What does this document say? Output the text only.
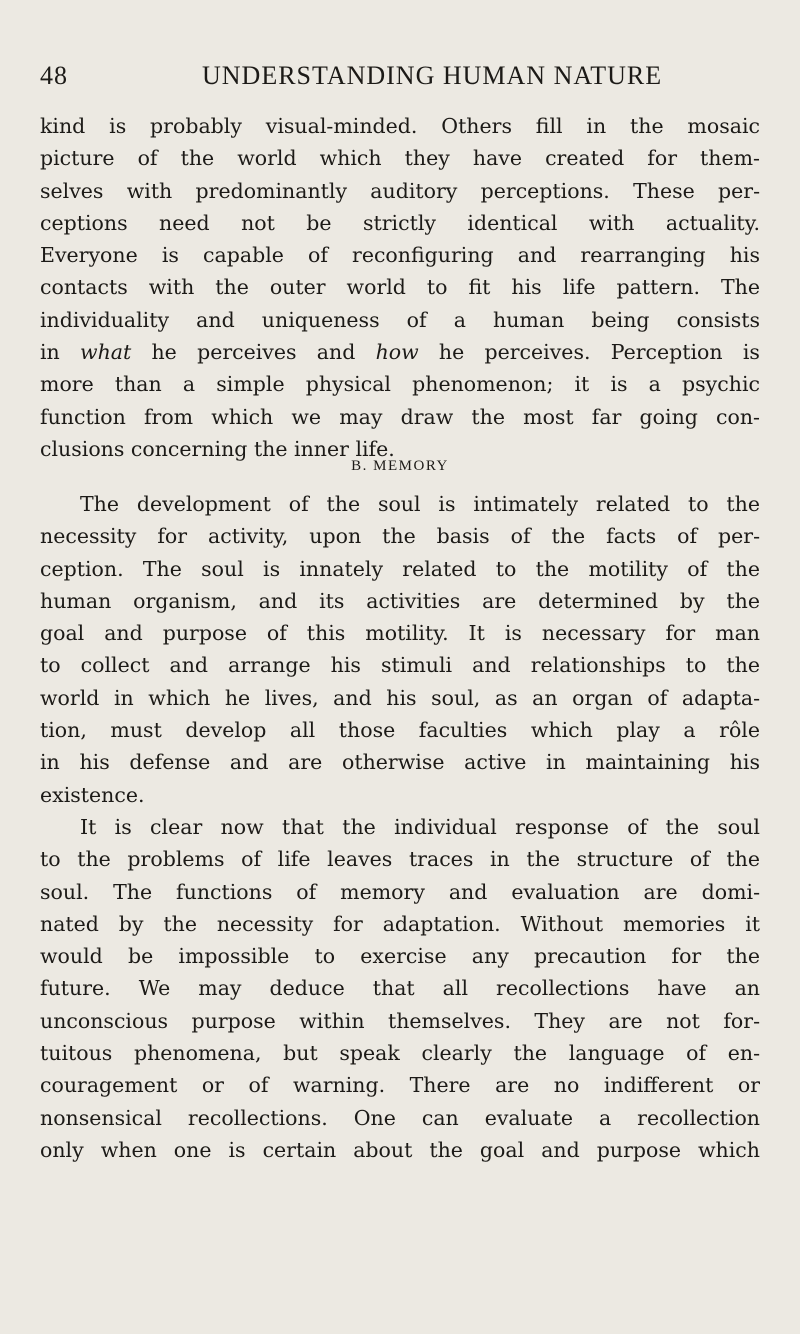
48	UNDERSTANDING HUMAN NATURE
kind is probably visual-minded. Others fill in the mosaic
picture of the world which they have created for them-
selves with predominantly auditory perceptions. These per-
ceptions need not be strictly identical with actuality.
Everyone is capable of reconfiguring and rearranging his
contacts with the outer world to fit his life pattern. The
individuality and uniqueness of a human being consists
in what he perceives and how he perceives. Perception is
more than a simple physical phenomenon; it is a psychic
function from which we may draw the most far going con-
clusions concerning the inner life.
B. MEMORY
The development of the soul is intimately related to the
necessity for activity, upon the basis of the facts of per-
ception. The soul is innately related to the motility of the
human organism, and its activities are determined by the
goal and purpose of this motility. It is necessary for man
to collect and arrange his stimuli and relationships to the
world in which he lives, and his soul, as an organ of adapta-
tion, must develop all those faculties which play a rôle
in his defense and are otherwise active in maintaining his
existence.
It is clear now that the individual response of the soul
to the problems of life leaves traces in the structure of the
soul. The functions of memory and evaluation are domi-
nated by the necessity for adaptation. Without memories it
would be impossible to exercise any precaution for the
future. We may deduce that all recollections have an
unconscious purpose within themselves. They are not for-
tuitous phenomena, but speak clearly the language of en-
couragement or of warning. There are no indifferent or
nonsensical recollections. One can evaluate a recollection
only when one is certain about the goal and purpose which
